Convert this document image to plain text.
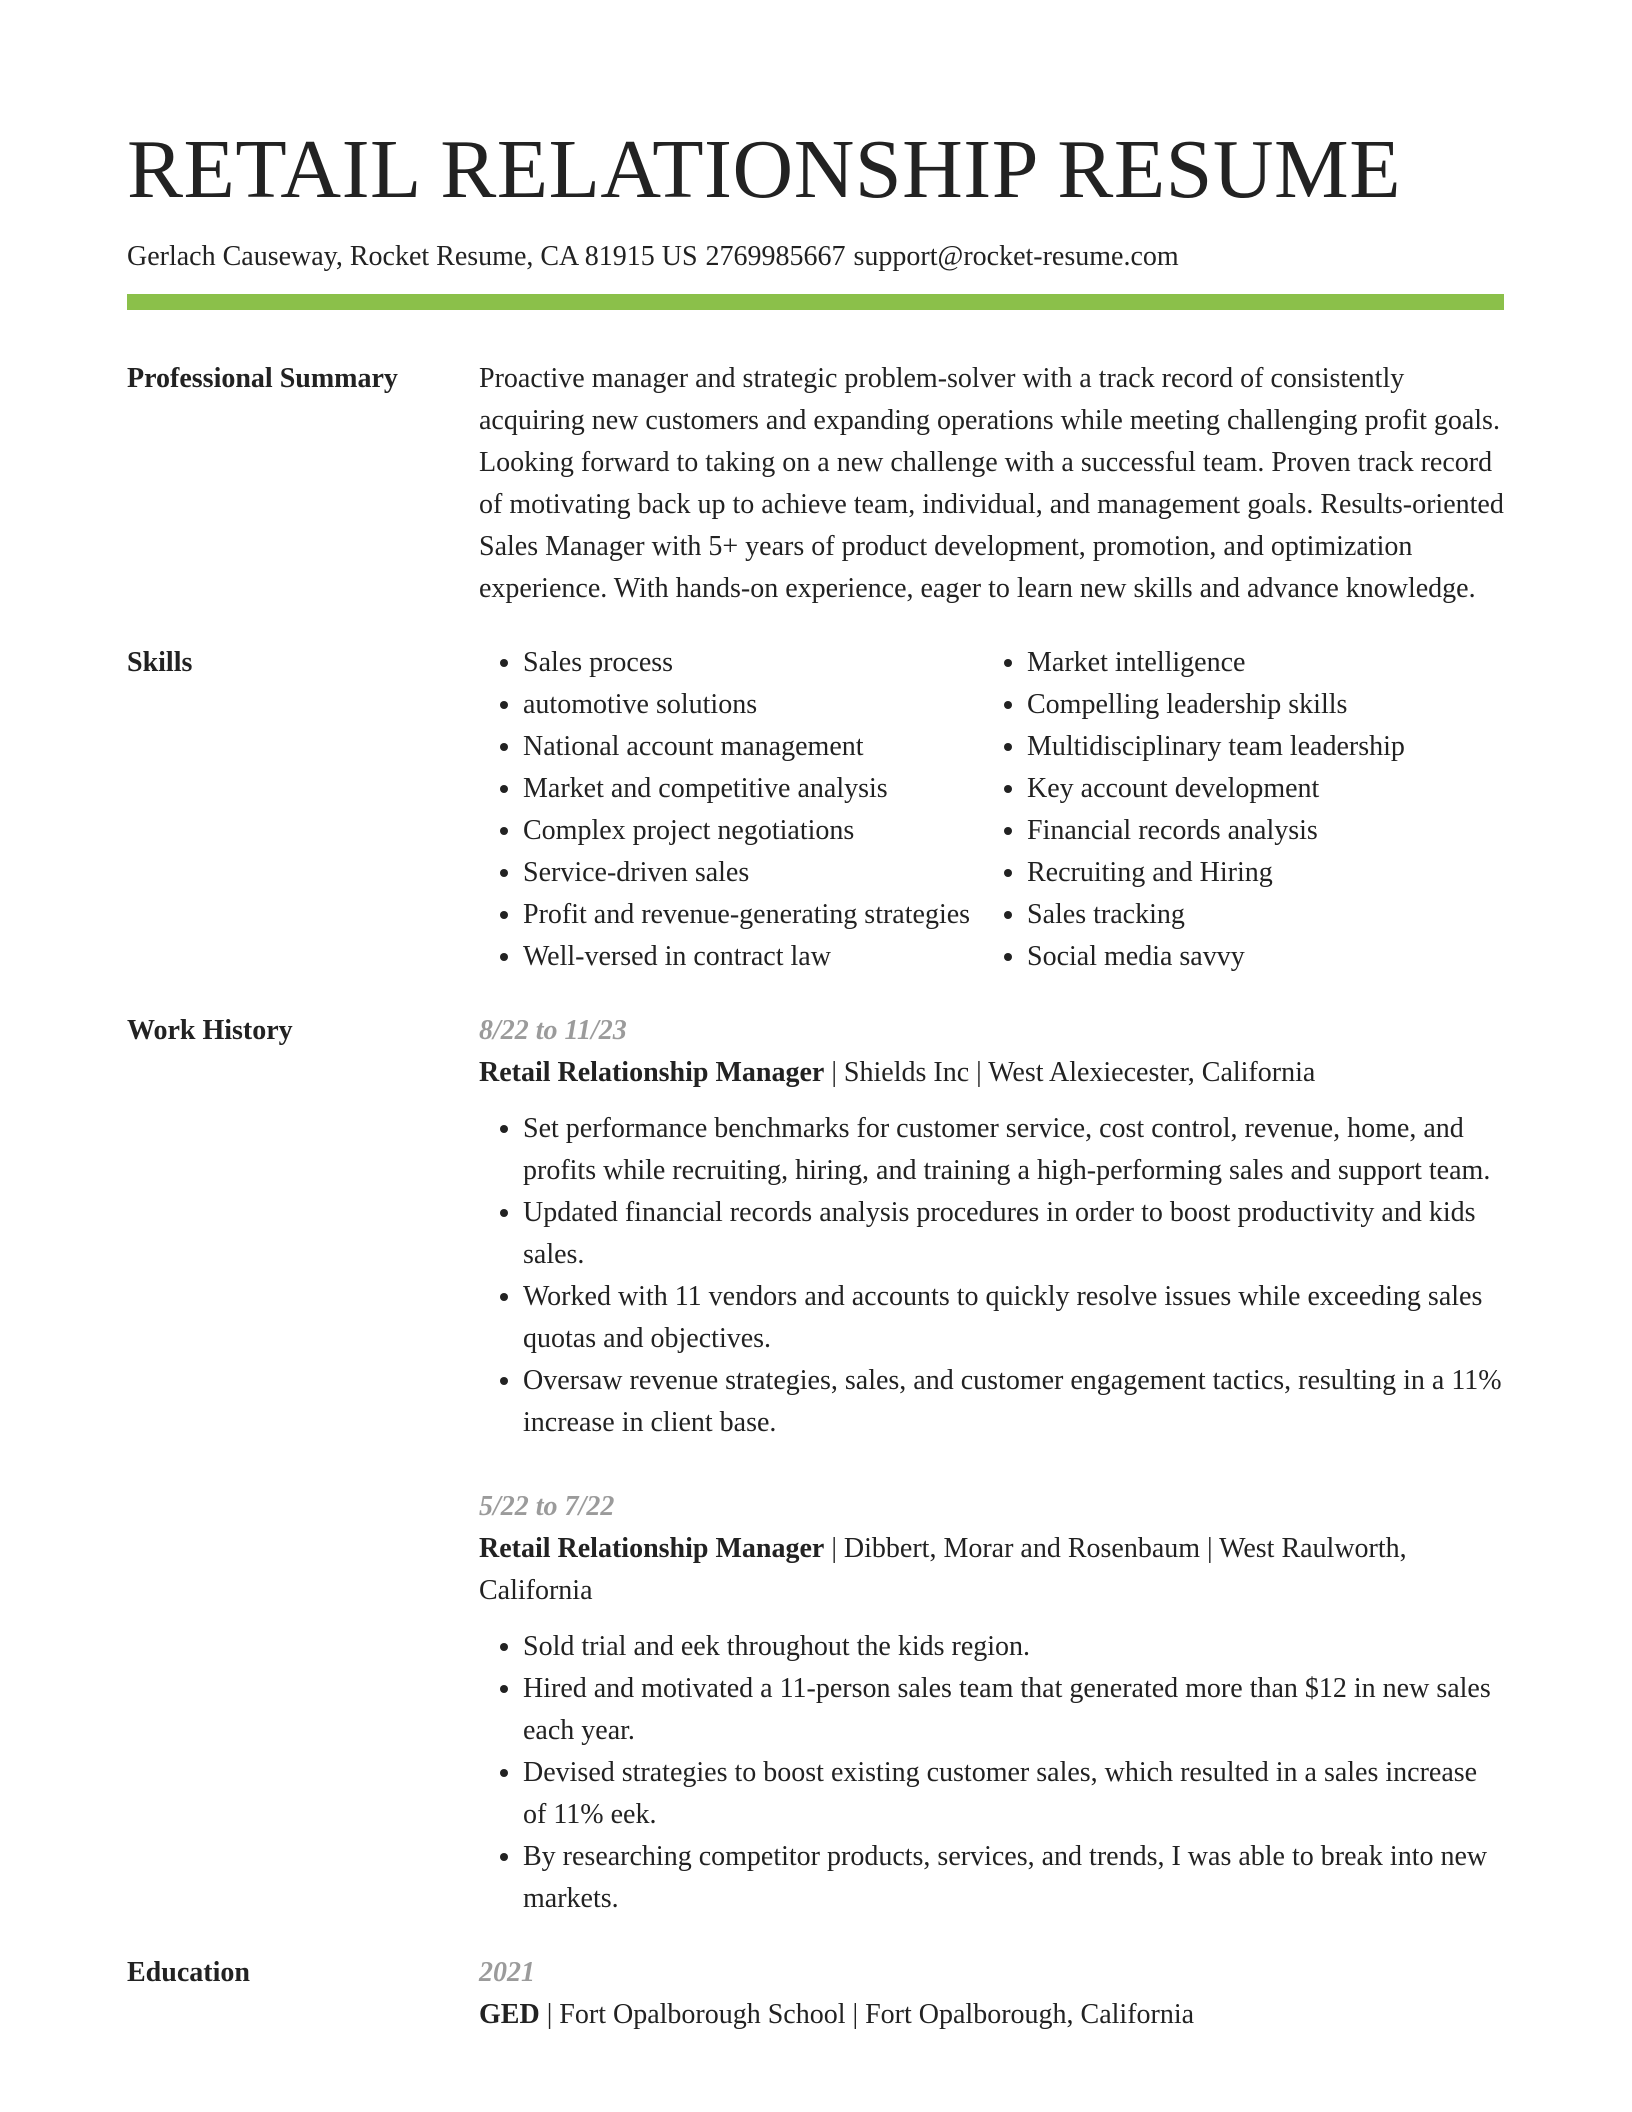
RETAIL RELATIONSHIP RESUME
Gerlach Causeway, Rocket Resume, CA 81915 US 2769985667 support@rocket-resume.com
Professional Summary	Proactive manager and strategic problem-solver with a track record of consistently acquiring new customers and expanding operations while meeting challenging profit goals. Looking forward to taking on a new challenge with a successful team. Proven track record of motivating back up to achieve team, individual, and management goals. Results-oriented Sales Manager with 5+ years of product development, promotion, and optimization experience. With hands-on experience, eager to learn new skills and advance knowledge.
Skills
•	Sales process
• automotive solutions
• National account management
• Market and competitive analysis
• Complex project negotiations
• Service-driven sales
• Profit and revenue-generating strategies
• Well-versed in contract law
• Market intelligence
• Compelling leadership skills
• Multidisciplinary team leadership
• Key account development
• Financial records analysis
• Recruiting and Hiring
• Sales tracking
• Social media savvy
Work History	8/22 to 11/23
Retail Relationship Manager | Shields Inc | West Alexiecester, California
• Set performance benchmarks for customer service, cost control, revenue, home, and profits while recruiting, hiring, and training a high-performing sales and support team.
• Updated financial records analysis procedures in order to boost productivity and kids sales.
• Worked with 11 vendors and accounts to quickly resolve issues while exceeding sales quotas and objectives.
• Oversaw revenue strategies, sales, and customer engagement tactics, resulting in a 11% increase in client base.
5/22 to 7/22
Retail Relationship Manager | Dibbert, Morar and Rosenbaum | West Raulworth, California
• Sold trial and eek throughout the kids region.
• Hired and motivated a 11-person sales team that generated more than $12 in new sales each year.
• Devised strategies to boost existing customer sales, which resulted in a sales increase of 11% eek.
• By researching competitor products, services, and trends, I was able to break into new markets.
Education	2021
GED | Fort Opalborough School | Fort Opalborough, California
